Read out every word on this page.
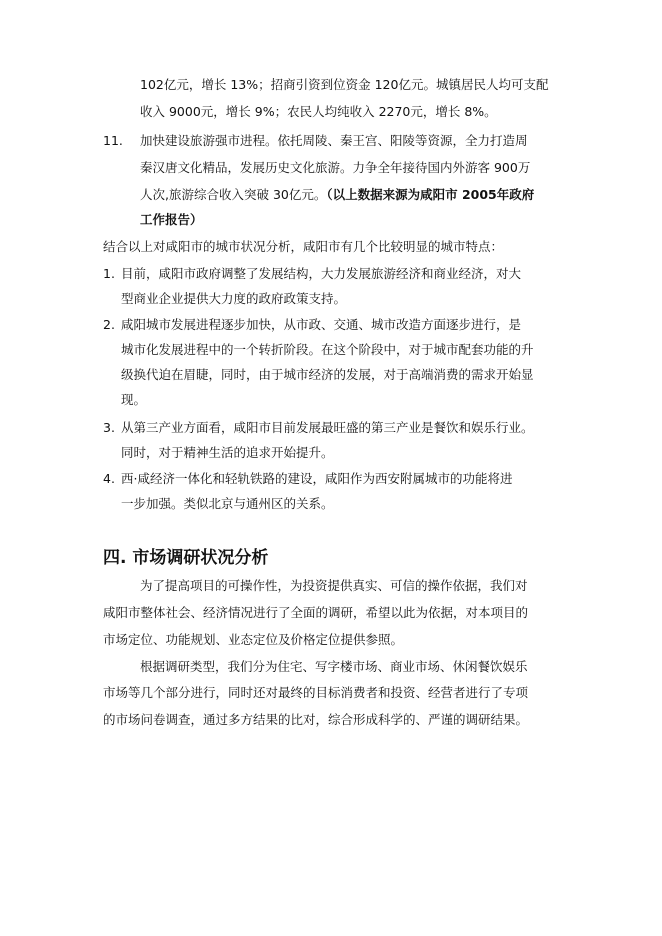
102亿元，增长 13%；招商引资到位资金 120亿元。城镇居民人均可支配
收入 9000元，增长 9%；农民人均纯收入 2270元，增长 8%。
11. 加快建设旅游强市进程。依托周陵、秦王宫、阳陵等资源，全力打造周
秦汉唐文化精品，发展历史文化旅游。力争全年接待国内外游客 900万
人次,旅游综合收入突破 30亿元。（以上数据来源为咸阳市 2005年政府
工作报告）
结合以上对咸阳市的城市状况分析，咸阳市有几个比较明显的城市特点：
1. 目前，咸阳市政府调整了发展结构，大力发展旅游经济和商业经济，对大
型商业企业提供大力度的政府政策支持。
2. 咸阳城市发展进程逐步加快，从市政、交通、城市改造方面逐步进行，是
城市化发展进程中的一个转折阶段。在这个阶段中，对于城市配套功能的升
级换代迫在眉睫，同时，由于城市经济的发展，对于高端消费的需求开始显
现。
3. 从第三产业方面看，咸阳市目前发展最旺盛的第三产业是餐饮和娱乐行业。
同时，对于精神生活的追求开始提升。
4. 西·咸经济一体化和轻轨铁路的建设，咸阳作为西安附属城市的功能将进
一步加强。类似北京与通州区的关系。
四. 市场调研状况分析
为了提高项目的可操作性，为投资提供真实、可信的操作依据，我们对
咸阳市整体社会、经济情况进行了全面的调研，希望以此为依据，对本项目的
市场定位、功能规划、业态定位及价格定位提供参照。
根据调研类型，我们分为住宅、写字楼市场、商业市场、休闲餐饮娱乐
市场等几个部分进行，同时还对最终的目标消费者和投资、经营者进行了专项
的市场问卷调查，通过多方结果的比对，综合形成科学的、严谨的调研结果。
